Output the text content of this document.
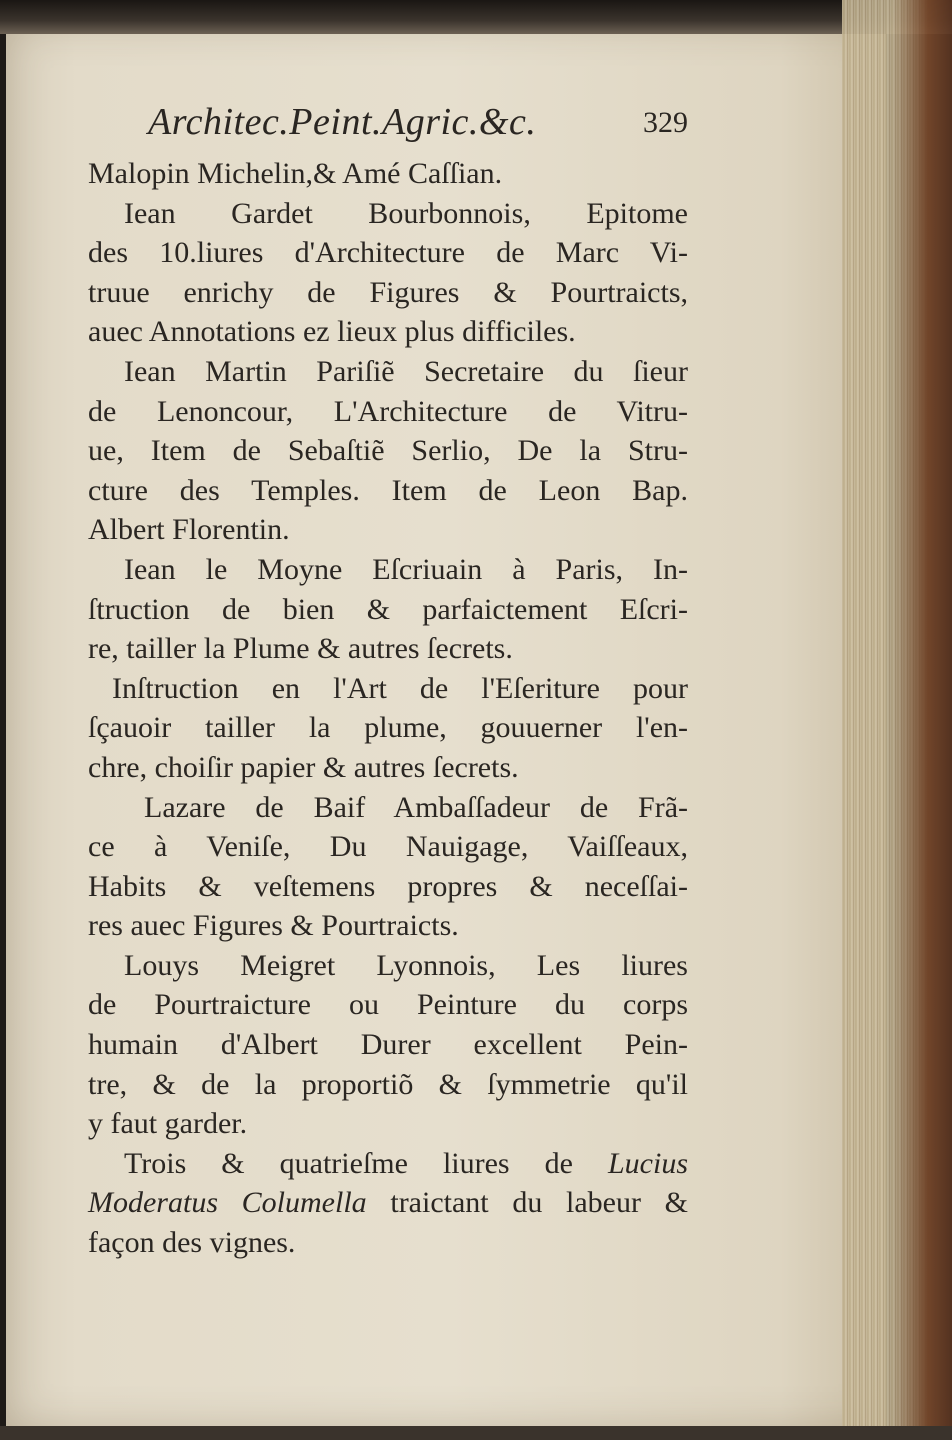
Architec.Peint.Agric.&c.	329
Malopin Michelin,& Amé Caſſian.
Iean Gardet Bourbonnois, Epitome
des 10.liures d'Architecture de Marc Vi-
truue enrichy de Figures & Pourtraicts,
auec Annotations ez lieux plus difficiles.
Iean Martin Pariſiẽ Secretaire du ſieur
de Lenoncour, L'Architecture de Vitru-
ue, Item de Sebaſtiẽ Serlio, De la Stru-
cture des Temples. Item de Leon Bap.
Albert Florentin.
Iean le Moyne Eſcriuain à Paris, In-
ſtruction de bien & parfaictement Eſcri-
re, tailler la Plume & autres ſecrets.
Inſtruction en l'Art de l'Eſeriture pour
ſçauoir tailler la plume, gouuerner l'en-
chre, choiſir papier & autres ſecrets.
Lazare de Baif Ambaſſadeur de Frã-
ce à Veniſe, Du Nauigage, Vaiſſeaux,
Habits & veſtemens propres & neceſſai-
res auec Figures & Pourtraicts.
Louys Meigret Lyonnois, Les liures
de Pourtraicture ou Peinture du corps
humain d'Albert Durer excellent Pein-
tre, & de la proportiõ & ſymmetrie qu'il
y faut garder.
Trois & quatrieſme liures de Lucius
Moderatus Columella traictant du labeur &
façon des vignes.
